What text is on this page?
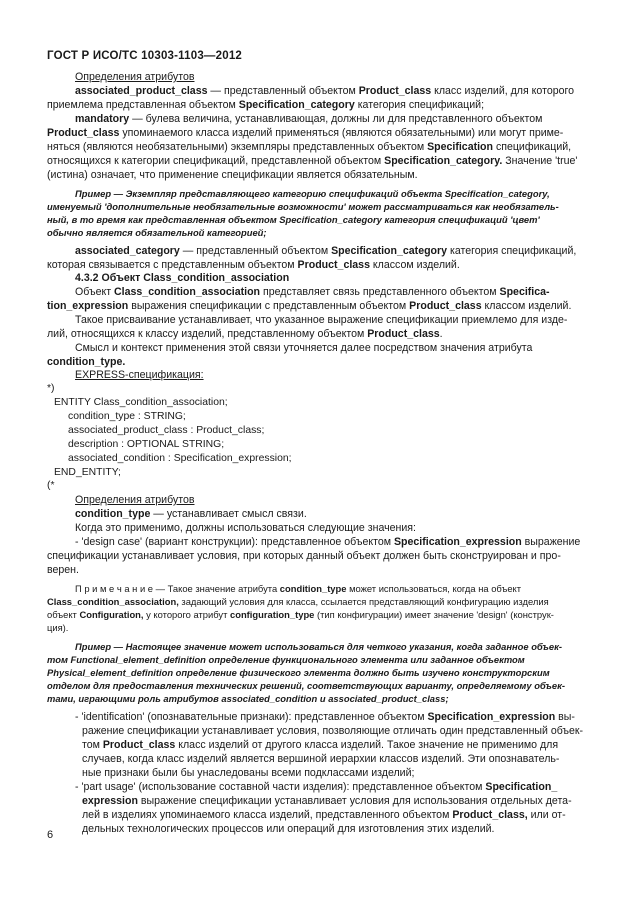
ГОСТ Р ИСО/ТС 10303-1103—2012
Определения атрибутов
associated_product_class — представленный объектом Product_class класс изделий, для которого
приемлема представленная объектом Specification_category категория спецификаций;
mandatory — булева величина, устанавливающая, должны ли для представленного объектом
Product_class упоминаемого класса изделий применяться (являются обязательными) или могут приме-
няться (являются необязательными) экземпляры представленных объектом Specification спецификаций,
относящихся к категории спецификаций, представленной объектом Specification_category. Значение 'true'
(истина) означает, что применение спецификации является обязательным.
Пример — Экземпляр представляющего категорию спецификаций объекта Specification_category,
именуемый 'дополнительные необязательные возможности' может рассматриваться как необязатель-
ный, в то время как представленная объектом Specification_category категория спецификаций 'цвет'
обычно является обязательной категорией;
associated_category — представленный объектом Specification_category категория спецификаций,
которая связывается с представленным объектом Product_class классом изделий.
4.3.2 Объект Class_condition_association
Объект Class_condition_association представляет связь представленного объектом Specifica-
tion_expression выражения спецификации с представленным объектом Product_class классом изделий.
Такое присваивание устанавливает, что указанное выражение спецификации приемлемо для изде-
лий, относящихся к классу изделий, представленному объектом Product_class.
Смысл и контекст применения этой связи уточняется далее посредством значения атрибута
condition_type.
EXPRESS-спецификация:
*)
ENTITY Class_condition_association;
condition_type : STRING;
associated_product_class : Product_class;
description : OPTIONAL STRING;
associated_condition : Specification_expression;
END_ENTITY;
(*
Определения атрибутов
condition_type — устанавливает смысл связи.
Когда это применимо, должны использоваться следующие значения:
- 'design case' (вариант конструкции): представленное объектом Specification_expression выражение
спецификации устанавливает условия, при которых данный объект должен быть сконструирован и про-
верен.
П р и м е ч а н и е — Такое значение атрибута condition_type может использоваться, когда на объект
Class_condition_association, задающий условия для класса, ссылается представляющий конфигурацию изделия
объект Configuration, у которого атрибут configuration_type (тип конфигурации) имеет значение 'design' (конструк-
ция).
Пример — Настоящее значение может использоваться для четкого указания, когда заданное объек-
том Functional_element_definition определение функционального элемента или заданное объектом
Physical_element_definition определение физического элемента должно быть изучено конструкторским
отделом для предоставления технических решений, соответствующих варианту, определяемому объек-
тами, играющими роль атрибутов associated_condition и associated_product_class;
- 'identification' (опознавательные признаки): представленное объектом Specification_expression вы-
ражение спецификации устанавливает условия, позволяющие отличать один представленный объек-
том Product_class класс изделий от другого класса изделий. Такое значение не применимо для
случаев, когда класс изделий является вершиной иерархии классов изделий. Эти опознаватель-
ные признаки были бы унаследованы всеми подклассами изделий;
- 'part usage' (использование составной части изделия): представленное объектом Specification_
expression выражение спецификации устанавливает условия для использования отдельных дета-
лей в изделиях упоминаемого класса изделий, представленного объектом Product_class, или от-
дельных технологических процессов или операций для изготовления этих изделий.
6
